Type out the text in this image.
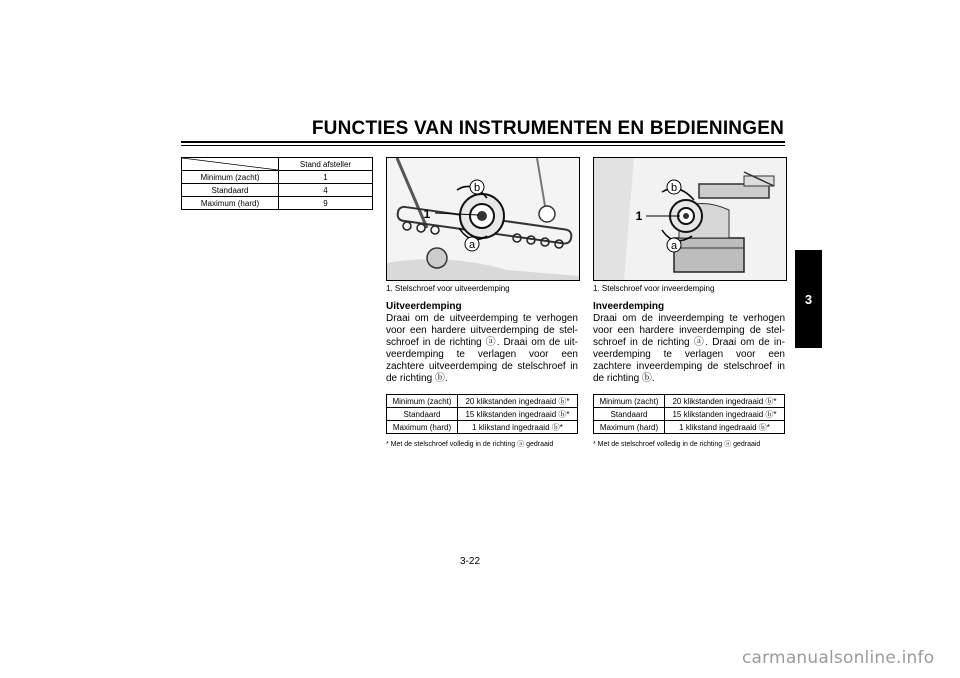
FUNCTIES VAN INSTRUMENTEN EN BEDIENINGEN
3
	Stand afsteller
Minimum (zacht)	1
Standaard	4
Maximum (hard)	9
b
a
1
1. Stelschroef voor uitveerdemping
Uitveerdemping

Draai om de uitveerdemping te verhogen voor een hardere uitveerdemping de stel-schroef in de richting ⓐ. Draai om de uit-veerdemping te verlagen voor een zachtere uitveerdemping de stelschroef in de richting ⓑ.

Minimum (zacht)	20 klikstanden ingedraaid ⓑ*
Standaard	15 klikstanden ingedraaid ⓑ*
Maximum (hard)	1 klikstand ingedraaid ⓑ*
* Met de stelschroef volledig in de richting ⓐ gedraaid
b
a
1
1. Stelschroef voor inveerdemping
Inveerdemping

Draai om de inveerdemping te verhogen voor een hardere inveerdemping de stel-schroef in de richting ⓐ. Draai om de in-veerdemping te verlagen voor een zachtere inveerdemping de stelschroef in de richting ⓑ.

Minimum (zacht)	20 klikstanden ingedraaid ⓑ*
Standaard	15 klikstanden ingedraaid ⓑ*
Maximum (hard)	1 klikstand ingedraaid ⓑ*
* Met de stelschroef volledig in de richting ⓐ gedraaid
3-22
carmanualsonline.info
